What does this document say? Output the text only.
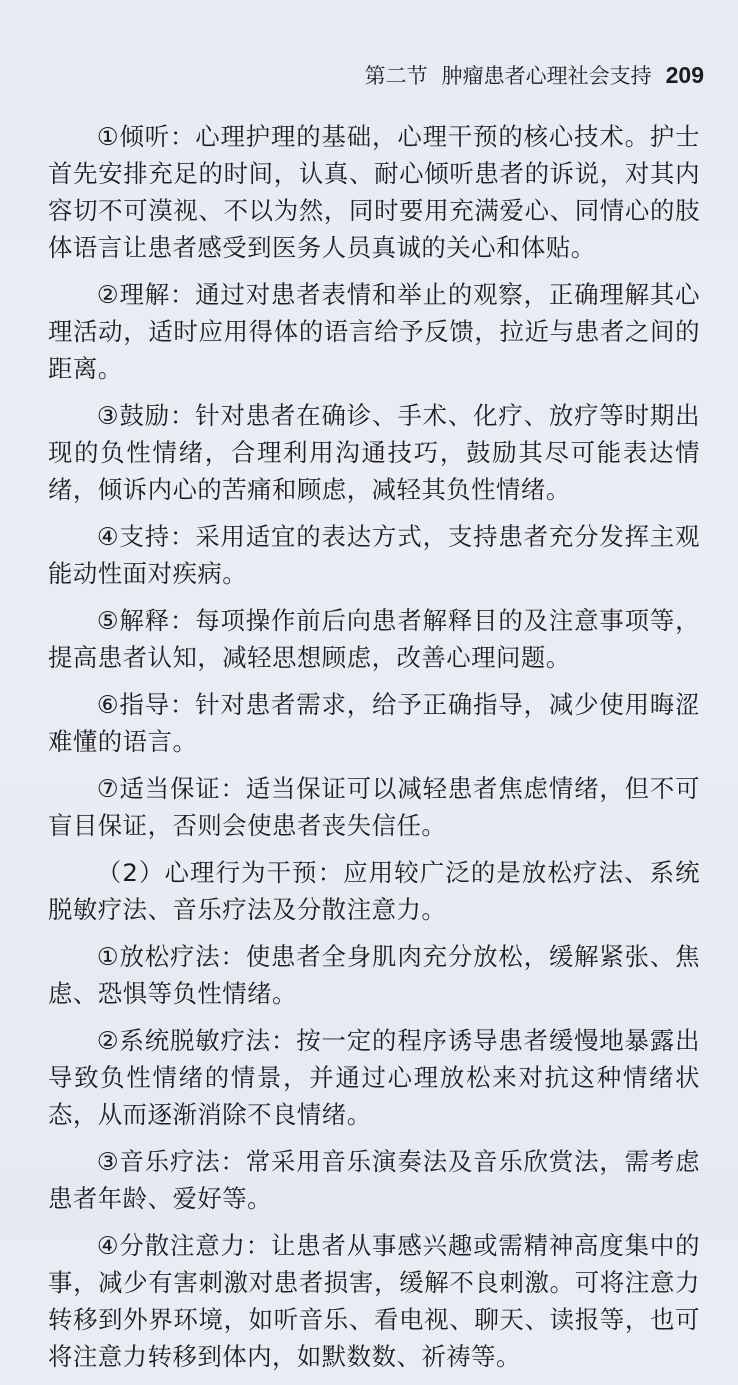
第二节 肿瘤患者心理社会支持 209

①倾听：心理护理的基础，心理干预的核心技术。护士首先安排充足的时间，认真、耐心倾听患者的诉说，对其内容切不可漠视、不以为然，同时要用充满爱心、同情心的肢体语言让患者感受到医务人员真诚的关心和体贴。

②理解：通过对患者表情和举止的观察，正确理解其心理活动，适时应用得体的语言给予反馈，拉近与患者之间的距离。

③鼓励：针对患者在确诊、手术、化疗、放疗等时期出现的负性情绪，合理利用沟通技巧，鼓励其尽可能表达情绪，倾诉内心的苦痛和顾虑，减轻其负性情绪。

④支持：采用适宜的表达方式，支持患者充分发挥主观能动性面对疾病。

⑤解释：每项操作前后向患者解释目的及注意事项等，提高患者认知，减轻思想顾虑，改善心理问题。

⑥指导：针对患者需求，给予正确指导，减少使用晦涩难懂的语言。

⑦适当保证：适当保证可以减轻患者焦虑情绪，但不可盲目保证，否则会使患者丧失信任。

（2）心理行为干预：应用较广泛的是放松疗法、系统脱敏疗法、音乐疗法及分散注意力。

①放松疗法：使患者全身肌肉充分放松，缓解紧张、焦虑、恐惧等负性情绪。

②系统脱敏疗法：按一定的程序诱导患者缓慢地暴露出导致负性情绪的情景，并通过心理放松来对抗这种情绪状态，从而逐渐消除不良情绪。

③音乐疗法：常采用音乐演奏法及音乐欣赏法，需考虑患者年龄、爱好等。

④分散注意力：让患者从事感兴趣或需精神高度集中的事，减少有害刺激对患者损害，缓解不良刺激。可将注意力转移到外界环境，如听音乐、看电视、聊天、读报等，也可将注意力转移到体内，如默数数、祈祷等。
